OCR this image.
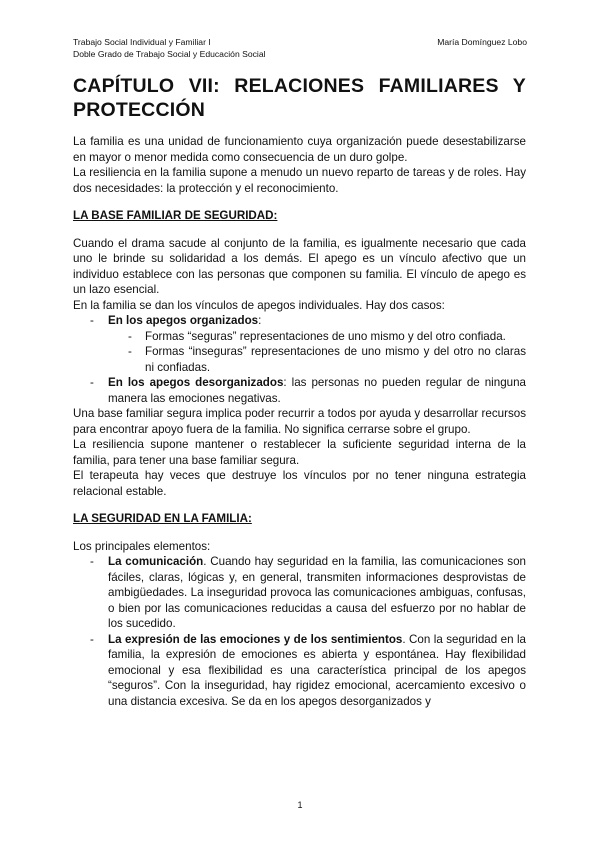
Trabajo Social Individual y Familiar I
Doble Grado de Trabajo Social y Educación Social
María Domínguez Lobo
CAPÍTULO VII: RELACIONES FAMILIARES Y PROTECCIÓN

La familia es una unidad de funcionamiento cuya organización puede desestabilizarse en mayor o menor medida como consecuencia de un duro golpe.

La resiliencia en la familia supone a menudo un nuevo reparto de tareas y de roles. Hay dos necesidades: la protección y el reconocimiento.

LA BASE FAMILIAR DE SEGURIDAD:

Cuando el drama sacude al conjunto de la familia, es igualmente necesario que cada uno le brinde su solidaridad a los demás. El apego es un vínculo afectivo que un individuo establece con las personas que componen su familia. El vínculo de apego es un lazo esencial.

En la familia se dan los vínculos de apegos individuales. Hay dos casos:

- En los apegos organizados:
- Formas “seguras” representaciones de uno mismo y del otro confiada.
- Formas “inseguras” representaciones de uno mismo y del otro no claras ni confiadas.
- En los apegos desorganizados: las personas no pueden regular de ninguna manera las emociones negativas.

Una base familiar segura implica poder recurrir a todos por ayuda y desarrollar recursos para encontrar apoyo fuera de la familia. No significa cerrarse sobre el grupo.

La resiliencia supone mantener o restablecer la suficiente seguridad interna de la familia, para tener una base familiar segura.

El terapeuta hay veces que destruye los vínculos por no tener ninguna estrategia relacional estable.

LA SEGURIDAD EN LA FAMILIA:

Los principales elementos:

- La comunicación. Cuando hay seguridad en la familia, las comunicaciones son fáciles, claras, lógicas y, en general, transmiten informaciones desprovistas de ambigüedades. La inseguridad provoca las comunicaciones ambiguas, confusas, o bien por las comunicaciones reducidas a causa del esfuerzo por no hablar de los sucedido.
- La expresión de las emociones y de los sentimientos. Con la seguridad en la familia, la expresión de emociones es abierta y espontánea. Hay flexibilidad emocional y esa flexibilidad es una característica principal de los apegos “seguros”. Con la inseguridad, hay rigidez emocional, acercamiento excesivo o una distancia excesiva. Se da en los apegos desorganizados y
1
